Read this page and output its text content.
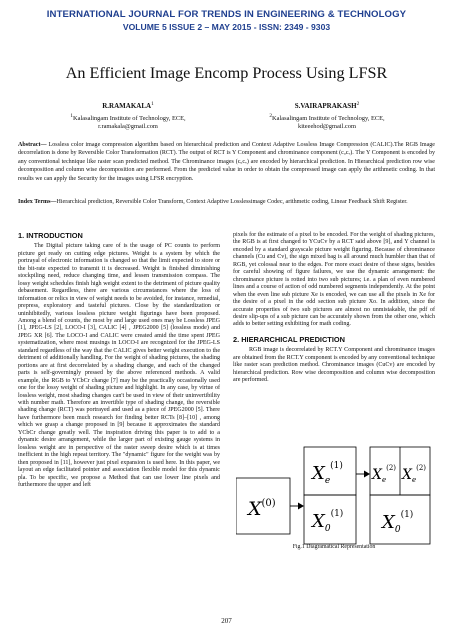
INTERNATIONAL JOURNAL FOR TRENDS IN ENGINEERING & TECHNOLOGY
VOLUME 5 ISSUE 2 – MAY 2015 - ISSN: 2349 - 9303
An Efficient Image Encomp Process Using LFSR
R.RAMAKALA$^1$
$^1$Kalasalingam Institute of Technology, ECE,
r.ramakala@gmail.com
S.VAIRAPRAKASH$^2$
$^2$Kalasalingam Institute of Technology, ECE,
kiteeehod@gmail.com
Abstract— Lossless color image compression algorithm based on hierarchical prediction and Context Adaptive Lossless Image Compression (CALIC).The RGB Image decorrelation is done by Reversible Color Transformation (RCT). The output of RCT is Y Component and chrominance component (cᵤcᵥ). The Y Component is encoded by any conventional technique like raster scan predicted method. The Chrominance images (cᵤcᵥ) are encoded by hierarchical prediction. In Hierarchical prediction row wise decomposition and column wise decomposition are performed. From the predicted value in order to obtain the compressed image can apply the arithmetic coding. In that results we can apply the Security for the images using LFSR encryption.
Index Terms—Hierarchical prediction, Reversible Color Transform, Context Adaptive Losslessimage Codec, arithmetic coding, Linear Feedback Shift Register.
1. INTRODUCTION

The Digital picture taking care of is the usage of PC counts to perform picture get ready on cutting edge pictures. Weight is a system by which the portrayal of electronic information is changed so that the limit expected to store or the bit-rate expected to transmit it is decreased. Weight is finished diminishing stockpiling need, reduce changing time, and lessen transmission compass. The lossy weight schedules finish high weight extent to the detriment of picture quality debasement. Regardless, there are various circumstances where the loss of information or relics in view of weight needs to be avoided, for instance, remedial, prepress, exploratory and tasteful pictures. Close by the standardization or uninhibitedly, various lossless picture weight figurings have been proposed. Among a blend of counts, the most by and large used ones may be Lossless JPEG [1], JPEG-LS [2], LOCO-I [3], CALIC [4] , JPEG2000 [5] (lossless mode) and JPEG XR [6]. The LOCO-I and CALIC were created amid the time spent JPEG systematization, where most musings in LOCO-I are recognized for the JPEG-LS standard regardless of the way that the CALIC gives better weight execution to the detriment of additionally handling. For the weight of shading pictures, the shading portions are at first decorrelated by a shading change, and each of the changed parts is self-governingly pressed by the above referenced methods. A valid example, the RGB to YCbCr change [7] may be the practically occasionally used one for the lossy weight of shading picture and highlight. In any case, by virtue of lossless weight, most shading changes can't be used in view of their uninvertibility with number math. Therefore an invertible type of shading change, the reversible shading change (RCT) was portrayed and used as a piece of JPEG2000 [5]. There have furthermore been much research for finding better RCTs [8]–[10] , among which we grasp a change proposed in [9] because it approximates the standard YCbCr change greatly well. The inspiration driving this paper is to add to a dynamic desire arrangement, while the larger part of existing gauge systems in lossless weight are in perspective of the raster sweep desire which is at times inefficient in the high repeat territory. The "dynamic" figure for the weight was by then proposed in [11], however just pixel expansion is used here. In this paper, we layout an edge facilitated pointer and association flexible model for this dynamic pla. To be specific, we propose a Method that can use lower line pixels and furthermore the upper and left

pixels for the estimate of a pixel to be encoded. For the weight of shading pictures, the RGB is at first changed to YCuCv by a RCT said above [9], and Y channel is encoded by a standard grayscale picture weight figuring. Because of chrominance channels (Cu and Cv), the sign mixed bag is all around much humbler than that of RGB, yet colossal near to the edges. For more exact desire of these signs, besides for careful showing of figure failures, we use the dynamic arrangement: the chrominance picture is rotted into two sub pictures; i.e. a plan of even numbered lines and a course of action of odd numbered segments independently. At the point when the even line sub picture Xe is encoded, we can use all the pixels in Xe for the desire of a pixel in the odd section sub picture Xo. In addition, since the accurate properties of two sub pictures are almost no unmistakable, the pdf of desire slip-ups of a sub picture can be accurately shown from the other one, which adds to better setting exhibiting for math coding.

2. HIERARCHICAL PREDICTION

RGB image is decorrelated by RCT.Y Component and chrominance images are obtained from the RCT.Y component is encoded by any conventional technique like raster scan prediction method. Chrominance images (CuCv) are encoded by hierarchical prediction. Row wise decomposition and column wise decomposition are performed.

$X^{(0)}$
$X_e^{(1)}$
$X_0^{(1)}$
$X_e^{(2)}$ $X_e^{(2)}$
$X_0^{(1)}$
Fig.1 Diagramatical Representation
207
